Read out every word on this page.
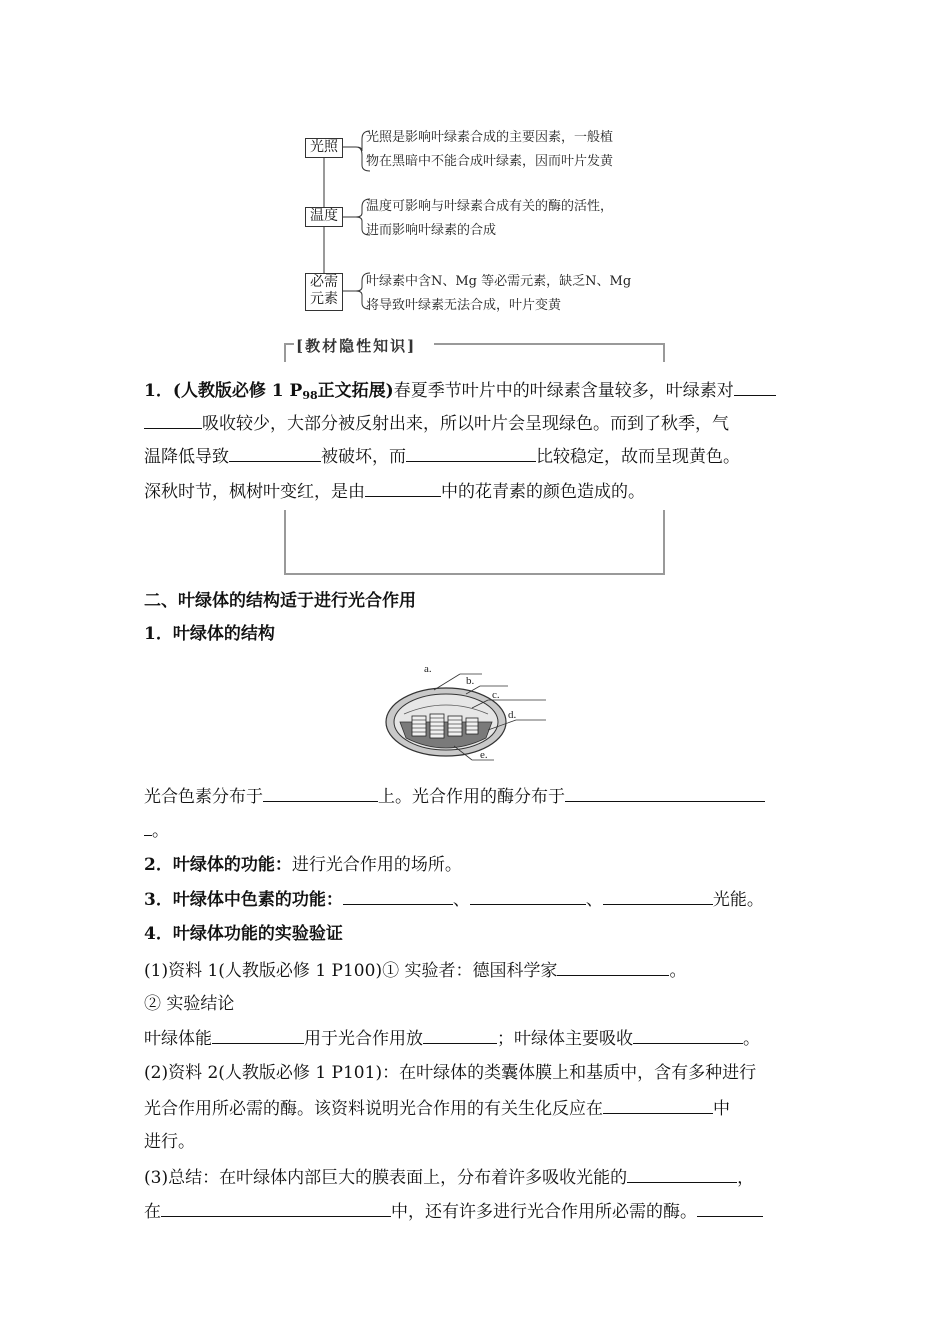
光照
光照是影响叶绿素合成的主要因素，一般植
物在黑暗中不能合成叶绿素，因而叶片发黄
温度
温度可影响与叶绿素合成有关的酶的活性，
进而影响叶绿素的合成
必需
元素
叶绿素中含N、Mg 等必需元素，缺乏N、Mg
将导致叶绿素无法合成，叶片变黄
[教材隐性知识]
1．(人教版必修 1 $P_{98}$正文拓展)春夏季节叶片中的叶绿素含量较多，叶绿素对
吸收较少，大部分被反射出来，所以叶片会呈现绿色。而到了秋季，气
温降低导致	被破坏，而	比较稳定，故而呈现黄色。
深秋时节，枫树叶变红，是由	中的花青素的颜色造成的。
二、叶绿体的结构适于进行光合作用
1．叶绿体的结构
a.
b.
c.
d.
e.
光合色素分布于	上。光合作用的酶分布于
。
2．叶绿体的功能：进行光合作用的场所。
3．叶绿体中色素的功能：	、	、	光能。
4．叶绿体功能的实验验证
(1)资料 1(人教版必修 1 P100)① 实验者：德国科学家	。
② 实验结论
叶绿体能	用于光合作用放	；叶绿体主要吸收	。
(2)资料 2(人教版必修 1 P101)：在叶绿体的类囊体膜上和基质中，含有多种进行
光合作用所必需的酶。该资料说明光合作用的有关生化反应在	中
进行。
(3)总结：在叶绿体内部巨大的膜表面上，分布着许多吸收光能的	，
在	中，还有许多进行光合作用所必需的酶。
